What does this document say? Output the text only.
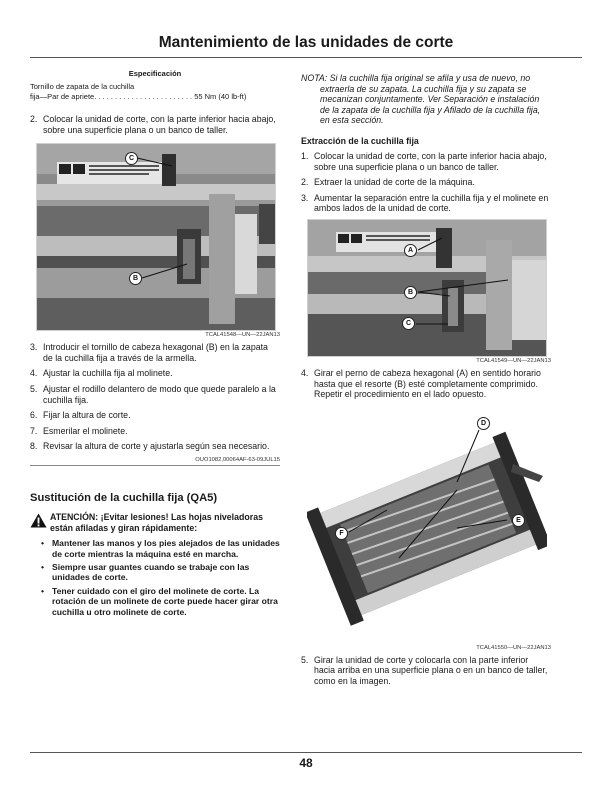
Mantenimiento de las unidades de corte
Especificación
Tornillo de zapata de la cuchilla
fija—Par de apriete. . . . . . . . . . . . . . . . . . . . . . . . 55 Nm (40 lb-ft)
2. Colocar la unidad de corte, con la parte inferior hacia abajo, sobre una superficie plana o un banco de taller.
C
B
TCAL41548—UN—22JAN13
3. Introducir el tornillo de cabeza hexagonal (B) en la zapata de la cuchilla fija a través de la armella.
4. Ajustar la cuchilla fija al molinete.
5. Ajustar el rodillo delantero de modo que quede paralelo a la cuchilla fija.
6. Fijar la altura de corte.
7. Esmerilar el molinete.
8. Revisar la altura de corte y ajustarla según sea necesario.
OUO1082,00064AF-63-09JUL15
Sustitución de la cuchilla fija (QA5)
ATENCIÓN: ¡Evitar lesiones! Las hojas niveladoras están afiladas y giran rápidamente:
• Mantener las manos y los pies alejados de las unidades de corte mientras la máquina esté en marcha.
• Siempre usar guantes cuando se trabaje con las unidades de corte.
• Tener cuidado con el giro del molinete de corte. La rotación de un molinete de corte puede hacer girar otra cuchilla u otro molinete de corte.
NOTA: Si la cuchilla fija original se afila y usa de nuevo, no extraerla de su zapata. La cuchilla fija y su zapata se mecanizan conjuntamente. Ver Separación e instalación de la zapata de la cuchilla fija y Afilado de la cuchilla fija, en esta sección.
Extracción de la cuchilla fija
1. Colocar la unidad de corte, con la parte inferior hacia abajo, sobre una superficie plana o un banco de taller.
2. Extraer la unidad de corte de la máquina.
3. Aumentar la separación entre la cuchilla fija y el molinete en ambos lados de la unidad de corte.
A
B
C
TCAL41549—UN—22JAN13
4. Girar el perno de cabeza hexagonal (A) en sentido horario hasta que el resorte (B) esté completamente comprimido. Repetir el procedimiento en el lado opuesto.
D
E
F
TCAL41550—UN—22JAN13
5. Girar la unidad de corte y colocarla con la parte inferior hacia arriba en una superficie plana o en un banco de taller, como en la imagen.
48
